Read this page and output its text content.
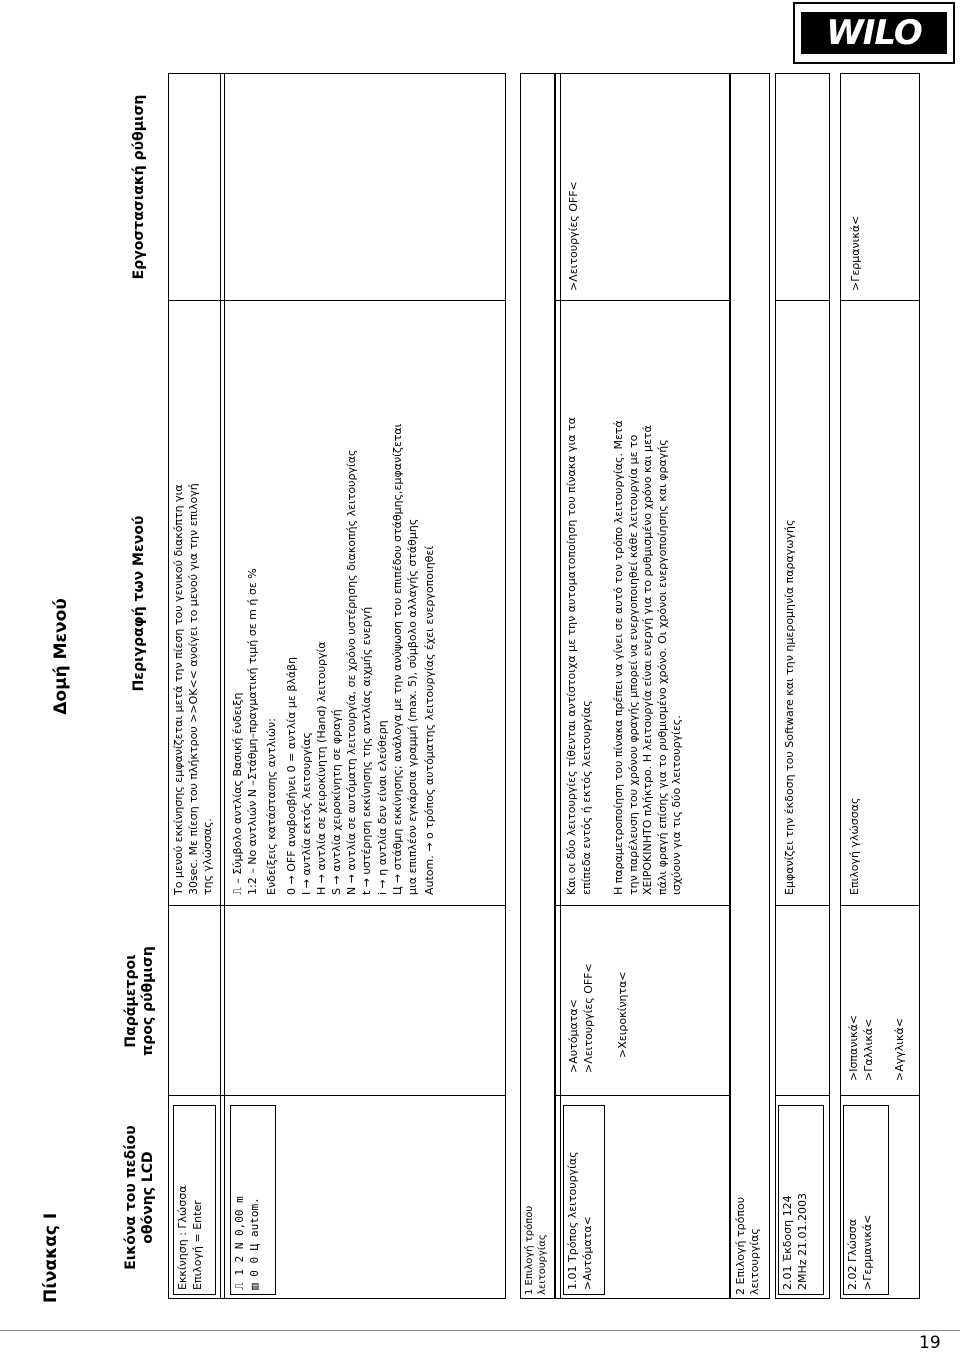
WILO
Πίνακας Ι
Δομή Μενού
Εικόνα του πεδίου
οθόνης LCD
Παράμετροι
προς ρύθμιση
Περιγραφή των Μενού
Εργοστασιακή ρύθμιση
Εκκίνηση : Γλώσσα
Επιλογή = Enter
Το μενού εκκίνησης εμφανίζεται μετά την πίεση του γενικού διακόπτη για
30sec. Με πίεση του πλήκτρου >>OK<< ανοίγει το μενού για την επιλογή
της γλώσσας.
⎍ 1 2 N 0,00 m
▥ 0 0 Ц autom.
⎍ – Σύμβολο αντλίας Βασική ένδειξη 1:2 – Νο αντλιών N –Στάθμη–πραγματική τιμή σε m ή σε % Ενδείξεις κατάστασης αντλιών: 0 → OFF αναβοσβήνει 0 = αντλία με βλάβη I → αντλία εκτός λειτουργίας H → αντλία σε χειροκίνητη (Hand) λειτουργία S → αντλία χειροκίνητη σε φραγή N → αντλία σε αυτόματη λειτουργία, σε χρόνο υστέρησης διακοπής λειτουργίας t → υστέρηση εκκίνησης της αντλίας αιχμής ενεργή i → η αντλία δεν είναι ελεύθερη Ц → στάθμη εκκίνησης; ανάλογα με την ανύψωση του επιπέδου στάθμης,εμφανίζεται μια επιπλέον εγκάρσια γραμμή (max. 5), σύμβολο αλλαγής στάθμης Autom. → ο τρόπος αυτόματης λειτουργίας έχει ενεργοποιηθεί
1 Επιλογή τρόπου
λειτουργίας 1.01 Τρόπος λειτουργίας
>Αυτόματα<
>Αυτόματα<
>Λειτουργίες OFF< >Χειροκίνητα<
Και οι δύο λειτουργίες τίθενται αντίστοιχα με την αυτοματοποίηση του πίνακα για τα
επίπεδα εντός ή εκτός λειτουργίας
Η παραμετροποίηση του πίνακα πρέπει να γίνει σε αυτό τον τρόπο λειτουργίας. Μετά
την παρέλευση του χρόνου φραγής μπορεί να ενεργοποιηθεί κάθε λειτουργία με το
ΧΕΙΡΟΚΙΝΗΤΟ πλήκτρο. Η λειτουργία είναι ενεργή για το ρυθμισμένο χρόνο και μετά
πάλι φραγή επίσης για το ρυθμισμένο χρόνο. Οι χρόνοι ενεργοποίησης και φραγής
ισχύουν για τις δύο λειτουργίες.
>Λειτουργίες OFF<
2 Επιλογή τρόπου
λειτουργίας 2.01 Έκδοση 124
2MHz 21.01.2003
Εμφανίζει την έκδοση του Software και την ημερομηνία παραγωγής
2.02 Γλώσσα
>Γερμανικά<
>Ισπανικά<
>Γαλλικά< >Αγγλικά<
Επιλογή γλώσσας
>Γερμανικά<
19
